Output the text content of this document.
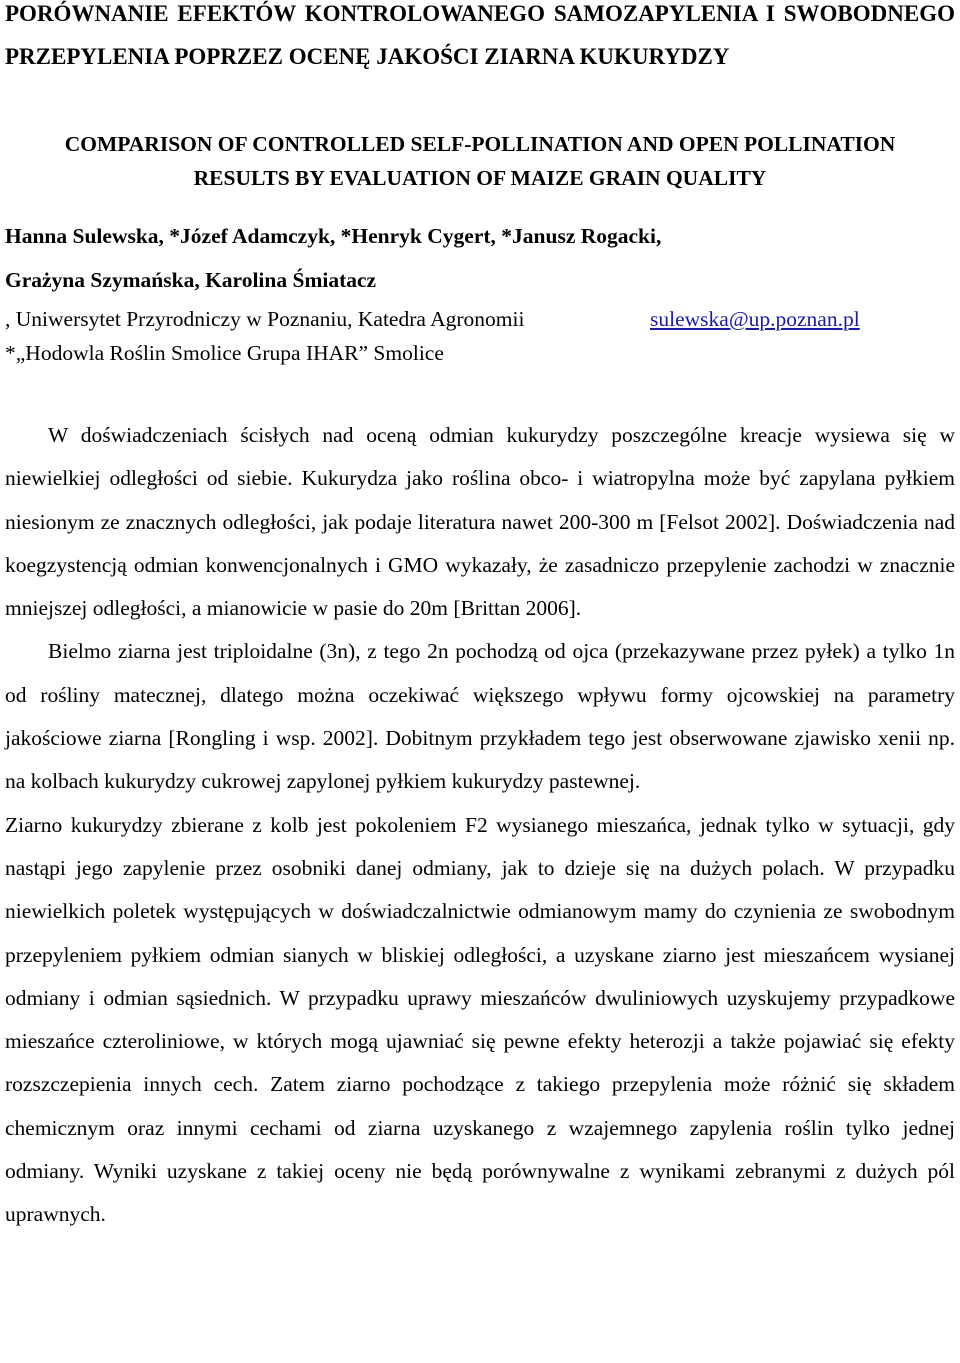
PORÓWNANIE EFEKTÓW KONTROLOWANEGO SAMOZAPYLENIA I SWOBODNEGO PRZEPYLENIA POPRZEZ OCENĘ JAKOŚCI ZIARNA KUKURYDZY
COMPARISON OF CONTROLLED SELF-POLLINATION AND OPEN POLLINATION
RESULTS BY EVALUATION OF MAIZE GRAIN QUALITY
Hanna Sulewska, *Józef Adamczyk, *Henryk Cygert, *Janusz Rogacki,
Grażyna Szymańska, Karolina Śmiatacz
, Uniwersytet Przyrodniczy w Poznaniu, Katedra Agronomii	sulewska@up.poznan.pl
*„Hodowla Roślin Smolice Grupa IHAR” Smolice

W doświadczeniach ścisłych nad oceną odmian kukurydzy poszczególne kreacje wysiewa się w niewielkiej odległości od siebie. Kukurydza jako roślina obco- i wiatropylna może być zapylana pyłkiem niesionym ze znacznych odległości, jak podaje literatura nawet 200-300 m [Felsot 2002]. Doświadczenia nad koegzystencją odmian konwencjonalnych i GMO wykazały, że zasadniczo przepylenie zachodzi w znacznie mniejszej odległości, a mianowicie w pasie do 20m [Brittan 2006].

Bielmo ziarna jest triploidalne (3n), z tego 2n pochodzą od ojca (przekazywane przez pyłek) a tylko 1n od rośliny matecznej, dlatego można oczekiwać większego wpływu formy ojcowskiej na parametry jakościowe ziarna [Rongling i wsp. 2002]. Dobitnym przykładem tego jest obserwowane zjawisko xenii np. na kolbach kukurydzy cukrowej zapylonej pyłkiem kukurydzy pastewnej.

Ziarno kukurydzy zbierane z kolb jest pokoleniem F2 wysianego mieszańca, jednak tylko w sytuacji, gdy nastąpi jego zapylenie przez osobniki danej odmiany, jak to dzieje się na dużych polach. W przypadku niewielkich poletek występujących w doświadczalnictwie odmianowym mamy do czynienia ze swobodnym przepyleniem pyłkiem odmian sianych w bliskiej odległości, a uzyskane ziarno jest mieszańcem wysianej odmiany i odmian sąsiednich. W przypadku uprawy mieszańców dwuliniowych uzyskujemy przypadkowe mieszańce czteroliniowe, w których mogą ujawniać się pewne efekty heterozji a także pojawiać się efekty rozszczepienia innych cech. Zatem ziarno pochodzące z takiego przepylenia może różnić się składem chemicznym oraz innymi cechami od ziarna uzyskanego z wzajemnego zapylenia roślin tylko jednej odmiany. Wyniki uzyskane z takiej oceny nie będą porównywalne z wynikami zebranymi z dużych pól uprawnych.
